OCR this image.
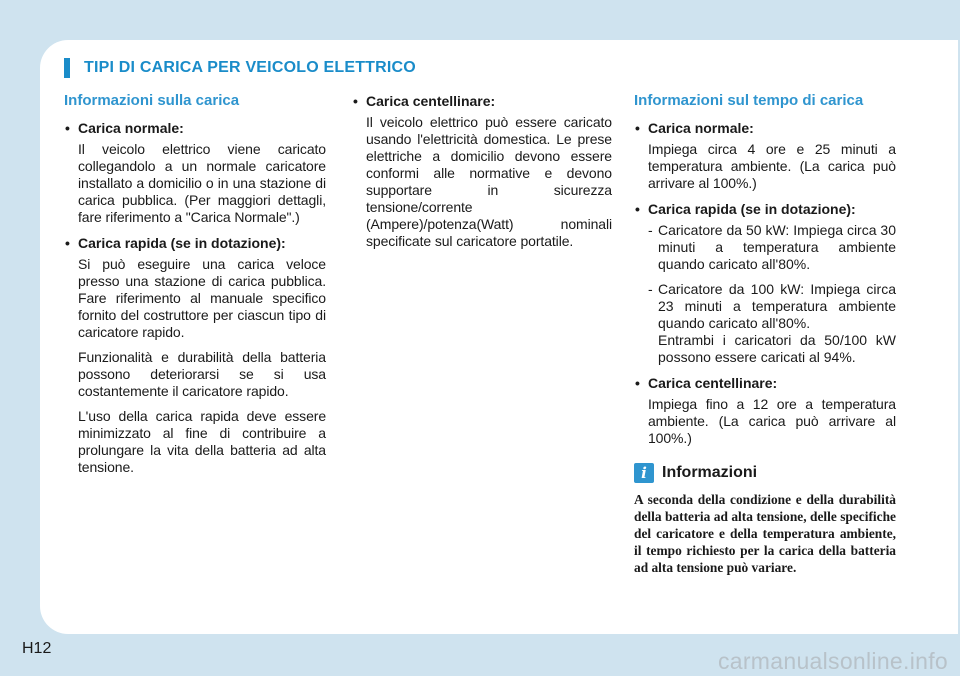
TIPI DI CARICA PER VEICOLO ELETTRICO
Informazioni sulla carica
• Carica normale:

Il veicolo elettrico viene caricato collegandolo a un normale caricatore installato a domicilio o in una stazione di carica pubblica. (Per maggiori dettagli, fare riferimento a "Carica Normale".)

• Carica rapida (se in dotazione):

Si può eseguire una carica veloce presso una stazione di carica pubblica. Fare riferimento al manuale specifico fornito del costruttore per ciascun tipo di caricatore rapido.

Funzionalità e durabilità della batteria possono deteriorarsi se si usa costantemente il caricatore rapido.

L'uso della carica rapida deve essere minimizzato al fine di contribuire a prolungare la vita della batteria ad alta tensione.

• Carica centellinare:

Il veicolo elettrico può essere caricato usando l'elettricità domestica. Le prese elettriche a domicilio devono essere conformi alle normative e devono supportare in sicurezza tensione/corrente (Ampere)/potenza(Watt) nominali specificate sul caricatore portatile.

Informazioni sul tempo di carica
• Carica normale:

Impiega circa 4 ore e 25 minuti a temperatura ambiente. (La carica può arrivare al 100%.)

• Carica rapida (se in dotazione):
- Caricatore da 50 kW: Impiega circa 30 minuti a temperatura ambiente quando caricato all'80%.
- Caricatore da 100 kW: Impiega circa 23 minuti a temperatura ambiente quando caricato all'80%.

Entrambi i caricatori da 50/100 kW possono essere caricati al 94%.

• Carica centellinare:

Impiega fino a 12 ore a temperatura ambiente. (La carica può arrivare al 100%.)

i Informazioni

A seconda della condizione e della durabilità della batteria ad alta tensione, delle specifiche del caricatore e della temperatura ambiente, il tempo richiesto per la carica della batteria ad alta tensione può variare.

H12	carmanualsonline.info
